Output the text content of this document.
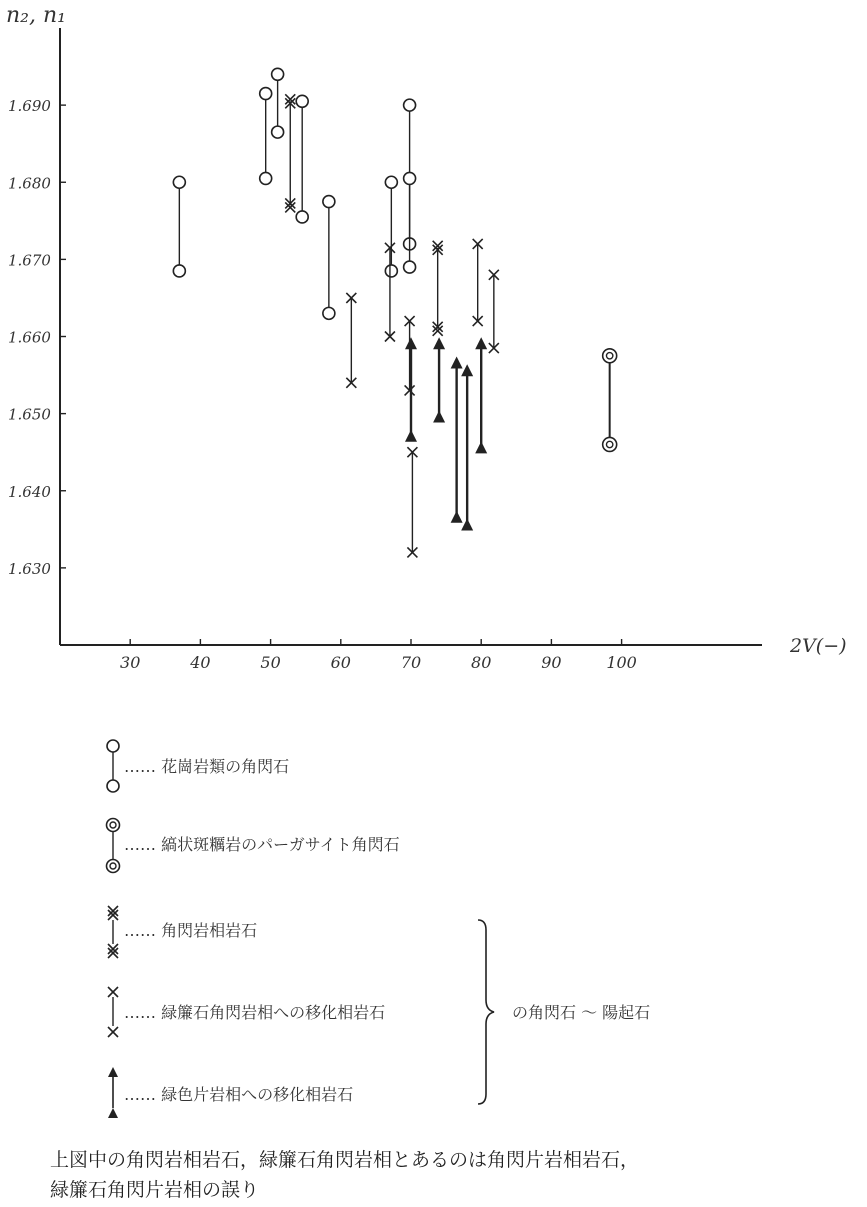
n₂, n₁
2V(−)
30	40	50	60	70	80	90	100
1.630
1.640
1.650
1.660
1.670
1.680
1.690
…… 花崗岩類の角閃石
…… 縞状斑糲岩のパーガサイト角閃石
…… 角閃岩相岩石
…… 緑簾石角閃岩相への移化相岩石
…… 緑色片岩相への移化相岩石
の角閃石 〜 陽起石
上図中の角閃岩相岩石，緑簾石角閃岩相とあるのは角閃片岩相岩石，
緑簾石角閃片岩相の誤り
